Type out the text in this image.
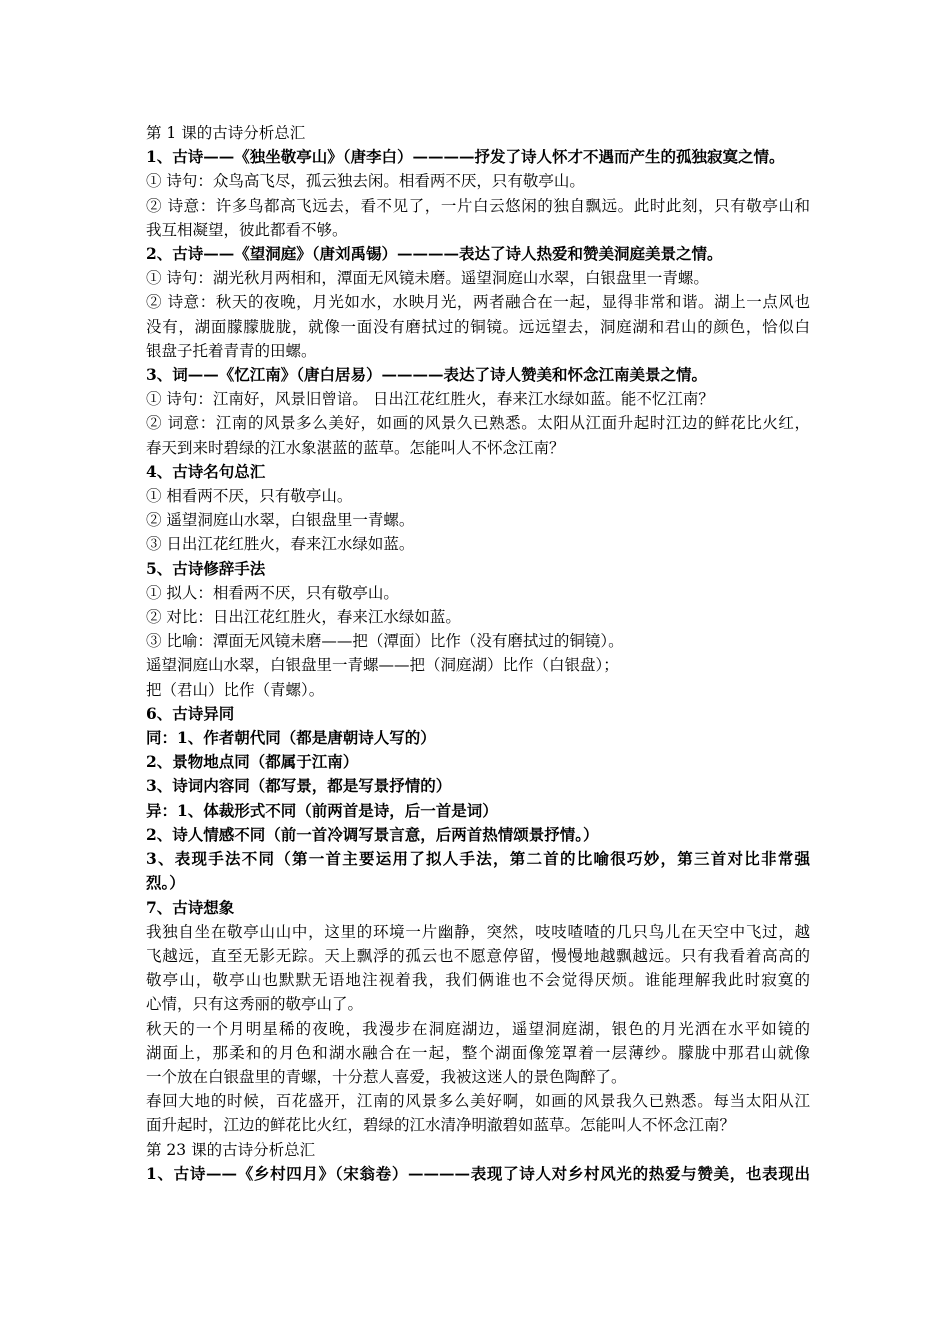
第 1 课的古诗分析总汇
1、古诗——《独坐敬亭山》（唐李白）————抒发了诗人怀才不遇而产生的孤独寂寞之情。
① 诗句：众鸟高飞尽，孤云独去闲。相看两不厌，只有敬亭山。
② 诗意：许多鸟都高飞远去，看不见了，一片白云悠闲的独自飘远。此时此刻，只有敬亭山和
我互相凝望，彼此都看不够。
2、古诗——《望洞庭》（唐刘禹锡）————表达了诗人热爱和赞美洞庭美景之情。
① 诗句：湖光秋月两相和，潭面无风镜未磨。遥望洞庭山水翠，白银盘里一青螺。
② 诗意：秋天的夜晚，月光如水，水映月光，两者融合在一起，显得非常和谐。湖上一点风也
没有，湖面朦朦胧胧，就像一面没有磨拭过的铜镜。远远望去，洞庭湖和君山的颜色，恰似白
银盘子托着青青的田螺。
3、词——《忆江南》（唐白居易）————表达了诗人赞美和怀念江南美景之情。
① 诗句：江南好，风景旧曾谙。 日出江花红胜火，春来江水绿如蓝。能不忆江南？
② 词意：江南的风景多么美好，如画的风景久已熟悉。太阳从江面升起时江边的鲜花比火红，
春天到来时碧绿的江水象湛蓝的蓝草。怎能叫人不怀念江南？
4、古诗名句总汇
① 相看两不厌，只有敬亭山。
② 遥望洞庭山水翠，白银盘里一青螺。
③ 日出江花红胜火，春来江水绿如蓝。
5、古诗修辞手法
① 拟人：相看两不厌，只有敬亭山。
② 对比：日出江花红胜火，春来江水绿如蓝。
③ 比喻：潭面无风镜未磨——把（潭面）比作（没有磨拭过的铜镜）。
遥望洞庭山水翠，白银盘里一青螺——把（洞庭湖）比作（白银盘）；
把（君山）比作（青螺）。
6、古诗异同
同：1、作者朝代同（都是唐朝诗人写的）
2、景物地点同（都属于江南）
3、诗词内容同（都写景，都是写景抒情的）
异：1、体裁形式不同（前两首是诗，后一首是词）
2、诗人情感不同（前一首冷调写景言意，后两首热情颂景抒情。）
3、表现手法不同（第一首主要运用了拟人手法，第二首的比喻很巧妙，第三首对比非常强
烈。）
7、古诗想象
我独自坐在敬亭山山中，这里的环境一片幽静，突然，吱吱喳喳的几只鸟儿在天空中飞过，越
飞越远，直至无影无踪。天上飘浮的孤云也不愿意停留，慢慢地越飘越远。只有我看着高高的
敬亭山，敬亭山也默默无语地注视着我，我们俩谁也不会觉得厌烦。谁能理解我此时寂寞的
心情，只有这秀丽的敬亭山了。
秋天的一个月明星稀的夜晚，我漫步在洞庭湖边，遥望洞庭湖，银色的月光洒在水平如镜的
湖面上，那柔和的月色和湖水融合在一起，整个湖面像笼罩着一层薄纱。朦胧中那君山就像
一个放在白银盘里的青螺，十分惹人喜爱，我被这迷人的景色陶醉了。
春回大地的时候，百花盛开，江南的风景多么美好啊，如画的风景我久已熟悉。每当太阳从江
面升起时，江边的鲜花比火红，碧绿的江水清净明澈碧如蓝草。怎能叫人不怀念江南？
第 23 课的古诗分析总汇
1、古诗——《乡村四月》（宋翁卷）————表现了诗人对乡村风光的热爱与赞美，也表现出
